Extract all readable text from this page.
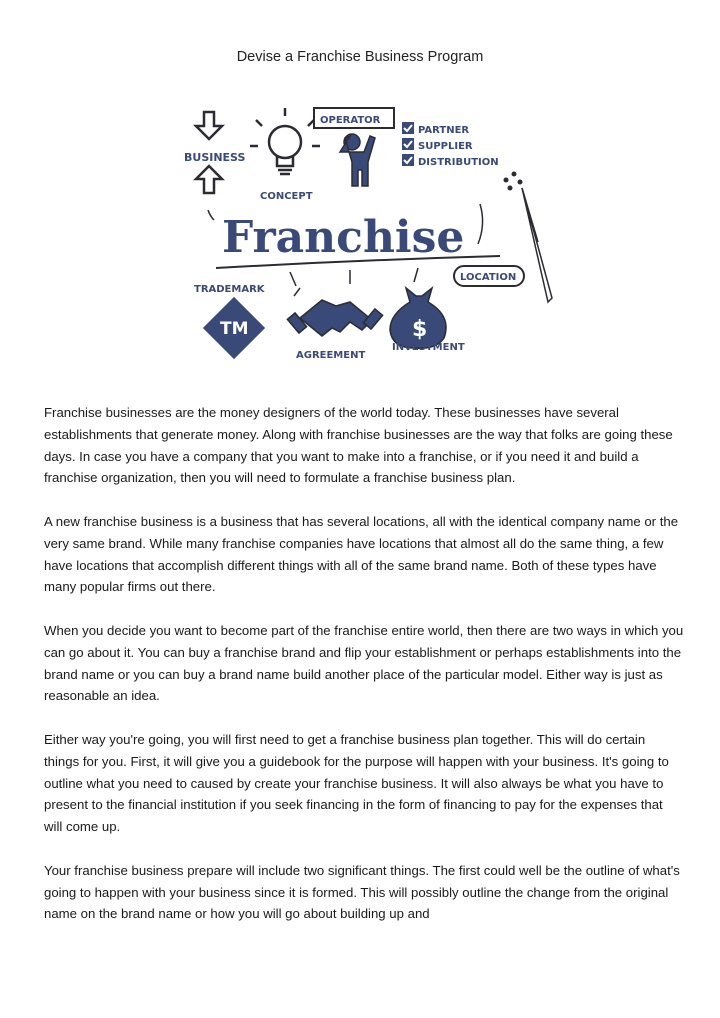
Devise a Franchise Business Program
BUSINESS
CONCEPT
OPERATOR
PARTNER
SUPPLIER
DISTRIBUTION
Franchise
LOCATION
TRADEMARK
TM
AGREEMENT
$
INVESTMENT

Franchise businesses are the money designers of the world today. These businesses have several establishments that generate money. Along with franchise businesses are the way that folks are going these days. In case you have a company that you want to make into a franchise, or if you need it and build a franchise organization, then you will need to formulate a franchise business plan.

A new franchise business is a business that has several locations, all with the identical company name or the very same brand. While many franchise companies have locations that almost all do the same thing, a few have locations that accomplish different things with all of the same brand name. Both of these types have many popular firms out there.

When you decide you want to become part of the franchise entire world, then there are two ways in which you can go about it. You can buy a franchise brand and flip your establishment or perhaps establishments into the brand name or you can buy a brand name build another place of the particular model. Either way is just as reasonable an idea.

Either way you're going, you will first need to get a franchise business plan together. This will do certain things for you. First, it will give you a guidebook for the purpose will happen with your business. It's going to outline what you need to caused by create your franchise business. It will also always be what you have to present to the financial institution if you seek financing in the form of financing to pay for the expenses that will come up.

Your franchise business prepare will include two significant things. The first could well be the outline of what's going to happen with your business since it is formed. This will possibly outline the change from the original name on the brand name or how you will go about building up and
